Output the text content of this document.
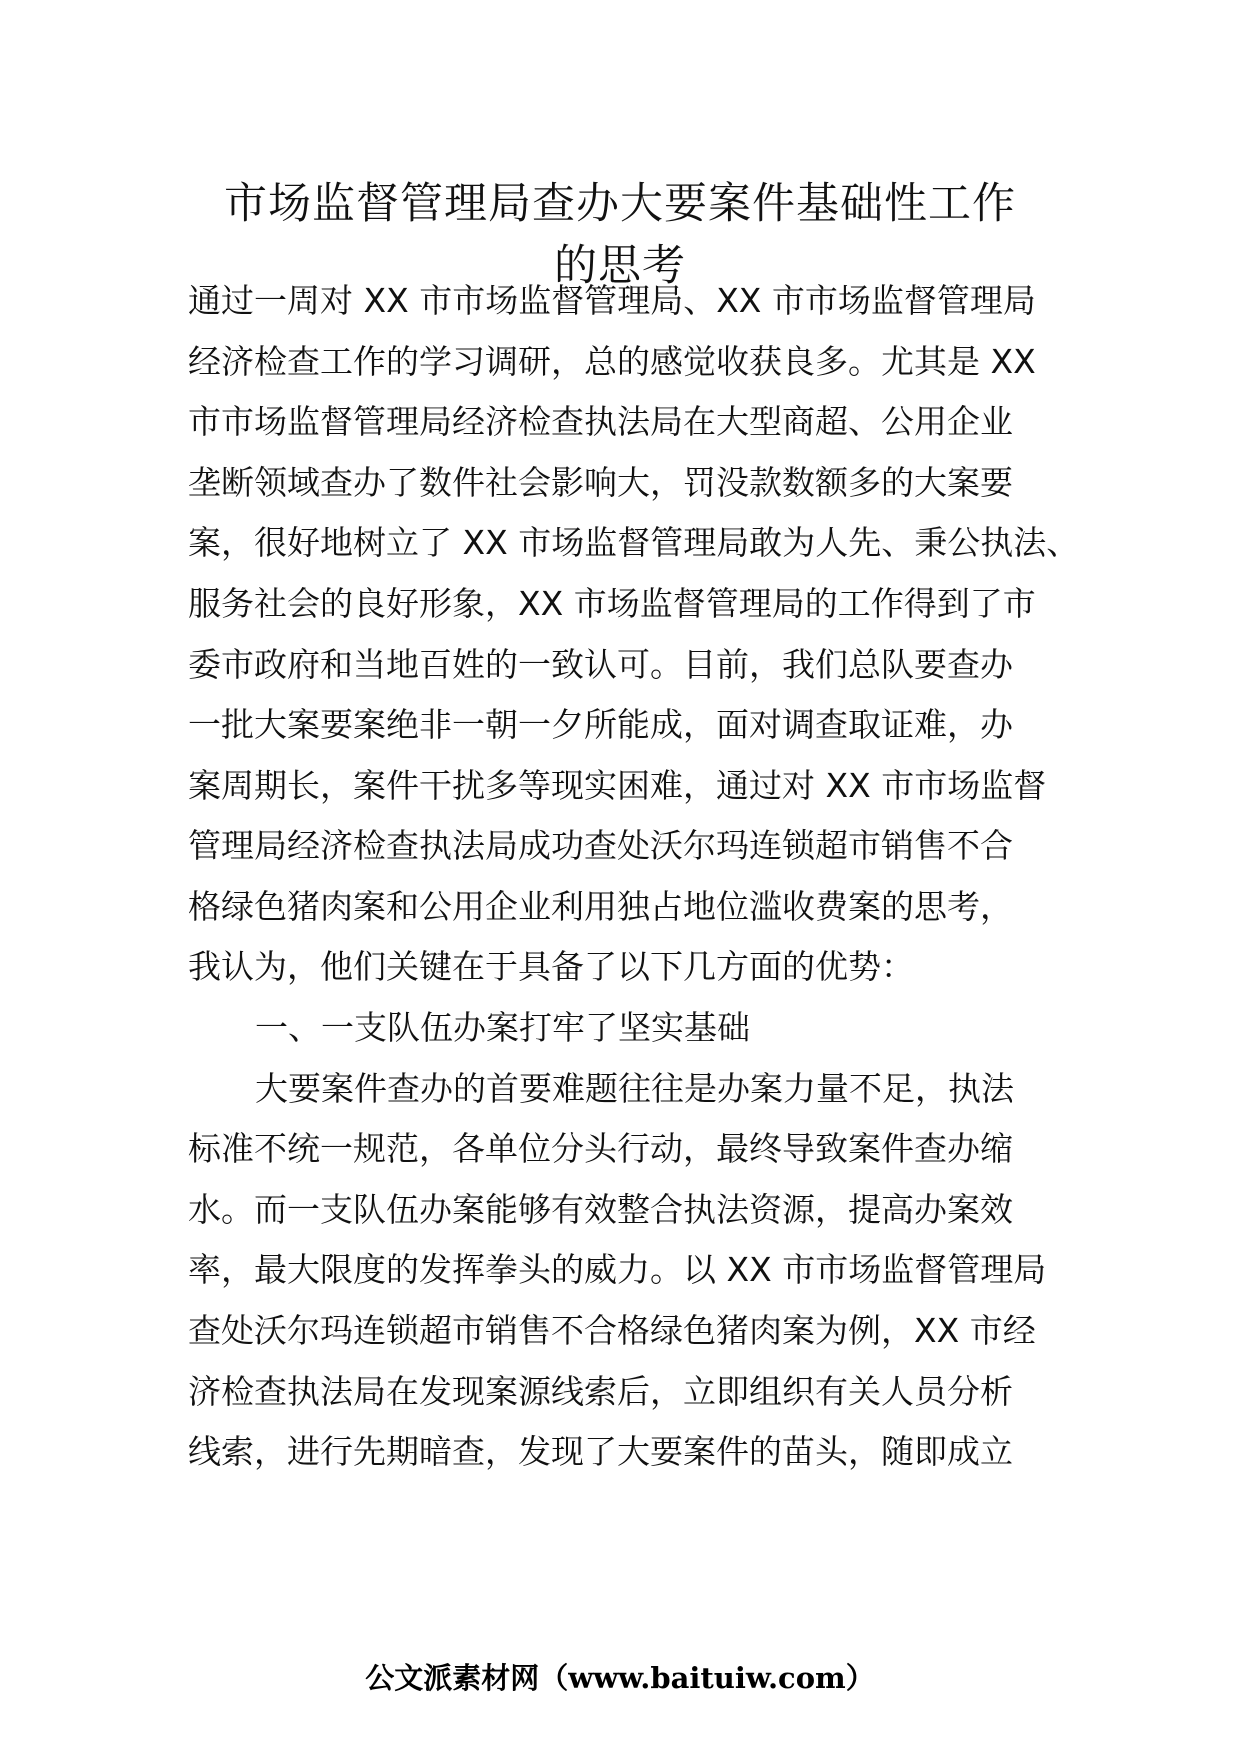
市场监督管理局查办大要案件基础性工作
的思考
通过一周对 XX 市市场监督管理局、XX 市市场监督管理局
经济检查工作的学习调研，总的感觉收获良多。尤其是 XX
市市场监督管理局经济检查执法局在大型商超、公用企业
垄断领域查办了数件社会影响大，罚没款数额多的大案要
案，很好地树立了 XX 市场监督管理局敢为人先、秉公执法、
服务社会的良好形象，XX 市场监督管理局的工作得到了市
委市政府和当地百姓的一致认可。目前，我们总队要查办
一批大案要案绝非一朝一夕所能成，面对调查取证难，办
案周期长，案件干扰多等现实困难，通过对 XX 市市场监督
管理局经济检查执法局成功查处沃尔玛连锁超市销售不合
格绿色猪肉案和公用企业利用独占地位滥收费案的思考，
我认为，他们关键在于具备了以下几方面的优势：
一、一支队伍办案打牢了坚实基础
大要案件查办的首要难题往往是办案力量不足，执法
标准不统一规范，各单位分头行动，最终导致案件查办缩
水。而一支队伍办案能够有效整合执法资源，提高办案效
率，最大限度的发挥拳头的威力。以 XX 市市场监督管理局
查处沃尔玛连锁超市销售不合格绿色猪肉案为例，XX 市经
济检查执法局在发现案源线索后，立即组织有关人员分析
线索，进行先期暗查，发现了大要案件的苗头，随即成立
公文派素材网（www.baituiw.com）
